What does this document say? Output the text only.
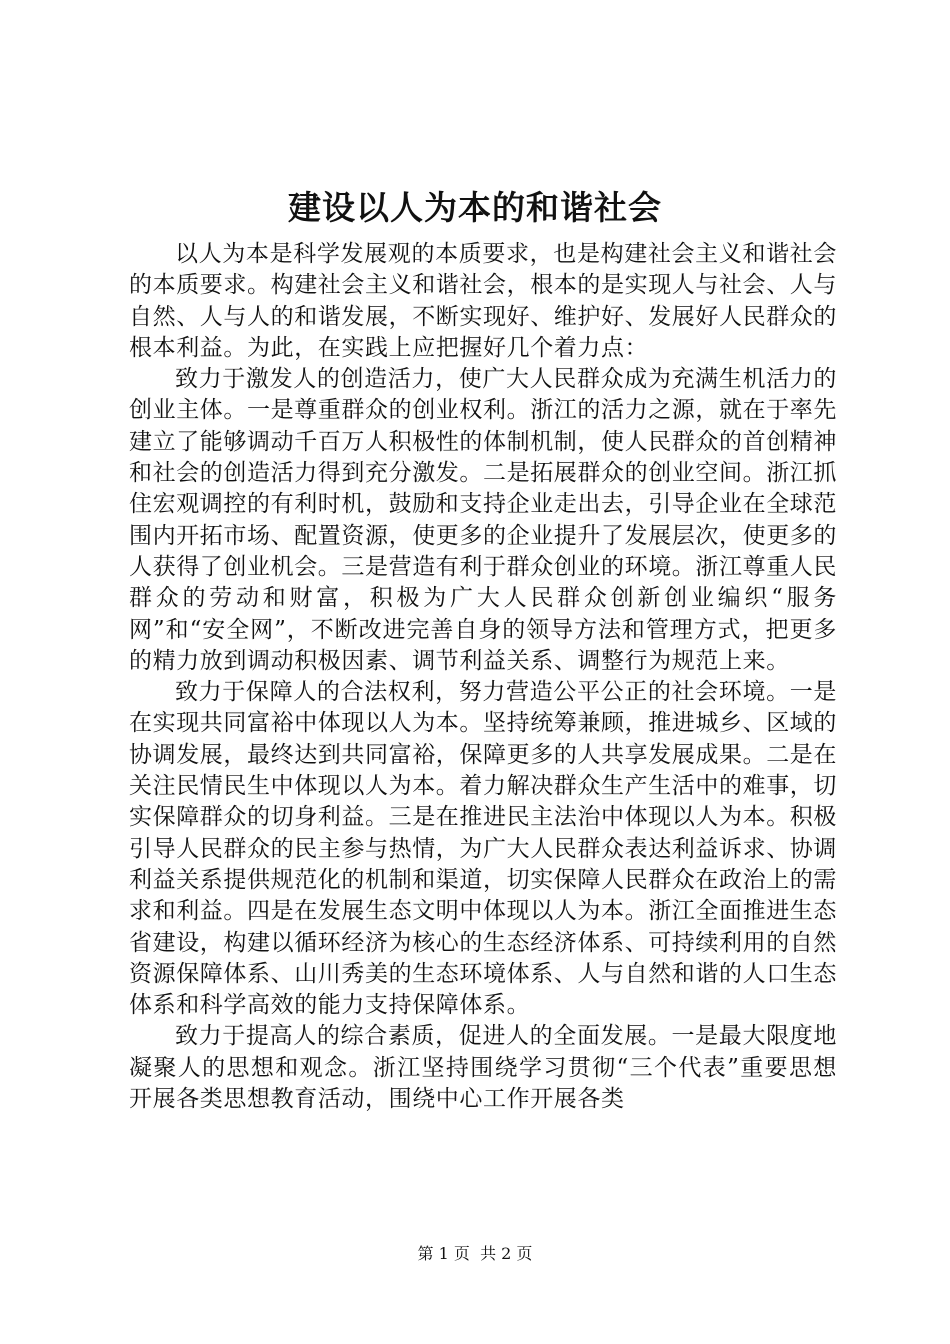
建设以人为本的和谐社会

以人为本是科学发展观的本质要求，也是构建社会主义和谐社会的本质要求。构建社会主义和谐社会，根本的是实现人与社会、人与自然、人与人的和谐发展，不断实现好、维护好、发展好人民群众的根本利益。为此，在实践上应把握好几个着力点：

致力于激发人的创造活力，使广大人民群众成为充满生机活力的创业主体。一是尊重群众的创业权利。浙江的活力之源，就在于率先建立了能够调动千百万人积极性的体制机制，使人民群众的首创精神和社会的创造活力得到充分激发。二是拓展群众的创业空间。浙江抓住宏观调控的有利时机，鼓励和支持企业走出去，引导企业在全球范围内开拓市场、配置资源，使更多的企业提升了发展层次，使更多的人获得了创业机会。三是营造有利于群众创业的环境。浙江尊重人民群众的劳动和财富，积极为广大人民群众创新创业编织“服务网”和“安全网”，不断改进完善自身的领导方法和管理方式，把更多的精力放到调动积极因素、调节利益关系、调整行为规范上来。

致力于保障人的合法权利，努力营造公平公正的社会环境。一是在实现共同富裕中体现以人为本。坚持统筹兼顾，推进城乡、区域的协调发展，最终达到共同富裕，保障更多的人共享发展成果。二是在关注民情民生中体现以人为本。着力解决群众生产生活中的难事，切实保障群众的切身利益。三是在推进民主法治中体现以人为本。积极引导人民群众的民主参与热情，为广大人民群众表达利益诉求、协调利益关系提供规范化的机制和渠道，切实保障人民群众在政治上的需求和利益。四是在发展生态文明中体现以人为本。浙江全面推进生态省建设，构建以循环经济为核心的生态经济体系、可持续利用的自然资源保障体系、山川秀美的生态环境体系、人与自然和谐的人口生态体系和科学高效的能力支持保障体系。

致力于提高人的综合素质，促进人的全面发展。一是最大限度地凝聚人的思想和观念。浙江坚持围绕学习贯彻“三个代表”重要思想开展各类思想教育活动，围绕中心工作开展各类

第 1 页  共 2 页
